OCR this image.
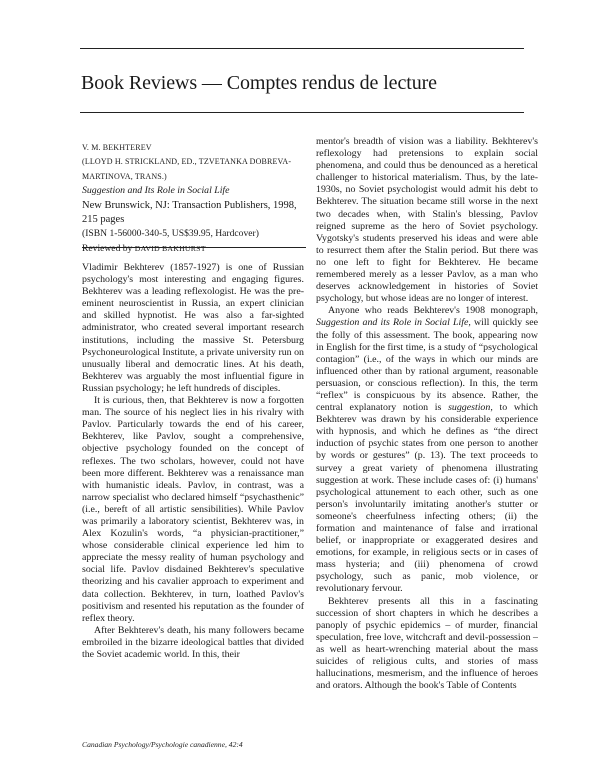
Book Reviews — Comptes rendus de lecture
V. M. BEKHTEREV
(LLOYD H. STRICKLAND, ED., TZVETANKA DOBREVA-
MARTINOVA, TRANS.)
Suggestion and Its Role in Social Life
New Brunswick, NJ: Transaction Publishers, 1998,
215 pages
(ISBN 1-56000-340-5, US$39.95, Hardcover)
Reviewed by DAVID BAKHURST

Vladimir Bekhterev (1857-1927) is one of Russian psychology's most interesting and engaging figures. Bekhterev was a leading reflexologist. He was the pre-eminent neuroscientist in Russia, an expert clinician and skilled hypnotist. He was also a far-sighted administrator, who created several important research institutions, including the massive St. Petersburg Psychoneurological Institute, a private university run on unusually liberal and democratic lines. At his death, Bekhterev was arguably the most influential figure in Russian psychology; he left hundreds of disciples.

It is curious, then, that Bekhterev is now a forgotten man. The source of his neglect lies in his rivalry with Pavlov. Particularly towards the end of his career, Bekhterev, like Pavlov, sought a comprehensive, objective psychology founded on the concept of reflexes. The two scholars, however, could not have been more different. Bekhterev was a renaissance man with humanistic ideals. Pavlov, in contrast, was a narrow specialist who declared himself “psychasthenic” (i.e., bereft of all artistic sensibilities). While Pavlov was primarily a laboratory scientist, Bekhterev was, in Alex Kozulin's words, “a physician-practitioner,” whose considerable clinical experience led him to appreciate the messy reality of human psychology and social life. Pavlov disdained Bekhterev's speculative theorizing and his cavalier approach to experiment and data collection. Bekhterev, in turn, loathed Pavlov's positivism and resented his reputation as the founder of reflex theory.

After Bekhterev's death, his many followers became embroiled in the bizarre ideological battles that divided the Soviet academic world. In this, their

mentor's breadth of vision was a liability. Bekhterev's reflexology had pretensions to explain social phenomena, and could thus be denounced as a heretical challenger to historical materialism. Thus, by the late-1930s, no Soviet psychologist would admit his debt to Bekhterev. The situation became still worse in the next two decades when, with Stalin's blessing, Pavlov reigned supreme as the hero of Soviet psychology. Vygotsky's students preserved his ideas and were able to resurrect them after the Stalin period. But there was no one left to fight for Bekhterev. He became remembered merely as a lesser Pavlov, as a man who deserves acknowledgement in histories of Soviet psychology, but whose ideas are no longer of interest.

Anyone who reads Bekhterev's 1908 monograph, Suggestion and its Role in Social Life, will quickly see the folly of this assessment. The book, appearing now in English for the first time, is a study of “psychological contagion” (i.e., of the ways in which our minds are influenced other than by rational argument, reasonable persuasion, or conscious reflection). In this, the term “reflex” is conspicuous by its absence. Rather, the central explanatory notion is suggestion, to which Bekhterev was drawn by his considerable experience with hypnosis, and which he defines as “the direct induction of psychic states from one person to another by words or gestures” (p. 13). The text proceeds to survey a great variety of phenomena illustrating suggestion at work. These include cases of: (i) humans' psychological attunement to each other, such as one person's involuntarily imitating another's stutter or someone's cheerfulness infecting others; (ii) the formation and maintenance of false and irrational belief, or inappropriate or exaggerated desires and emotions, for example, in religious sects or in cases of mass hysteria; and (iii) phenomena of crowd psychology, such as panic, mob violence, or revolutionary fervour.

Bekhterev presents all this in a fascinating succession of short chapters in which he describes a panoply of psychic epidemics – of murder, financial speculation, free love, witchcraft and devil-possession – as well as heart-wrenching material about the mass suicides of religious cults, and stories of mass hallucinations, mesmerism, and the influence of heroes and orators. Although the book's Table of Contents

Canadian Psychology/Psychologie canadienne, 42:4
